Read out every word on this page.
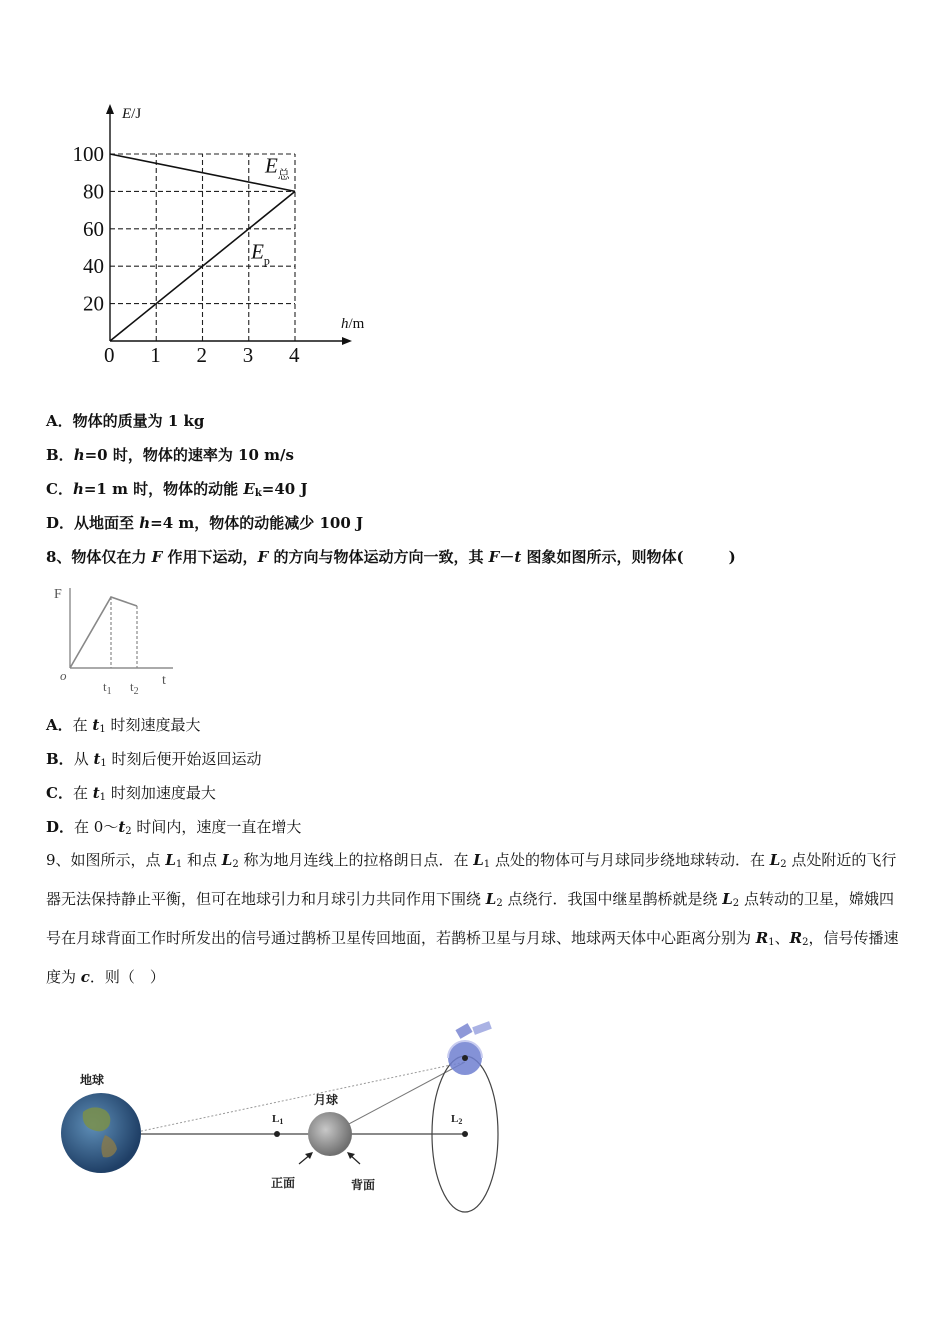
E/J
h/m
0 1 2 3 4
20
40
60
80
100	$E_总$
$E_p$
A．物体的质量为 1 kg
B．h=0 时，物体的速率为 10 m/s
C．h=1 m 时，物体的动能 $E_k=40$ J
D．从地面至 h=4 m，物体的动能减少 100 J
8、物体仅在力 F 作用下运动，F 的方向与物体运动方向一致，其 F－t 图象如图所示，则物体(　　　)
F
t
o
$t_1$ $t_2$
A．在 $t_1$ 时刻速度最大
B．从 $t_1$ 时刻后便开始返回运动
C．在 $t_1$ 时刻加速度最大
D．在 $0\sim t_2$ 时间内，速度一直在增大
9、如图所示，点 $L_1$ 和点 $L_2$ 称为地月连线上的拉格朗日点．在 $L_1$ 点处的物体可与月球同步绕地球转动．在 $L_2$ 点处附近的飞行器无法保持静止平衡，但可在地球引力和月球引力共同作用下围绕 $L_2$ 点绕行．我国中继星鹊桥就是绕 $L_2$ 点转动的卫星，嫦娥四号在月球背面工作时所发出的信号通过鹊桥卫星传回地面，若鹊桥卫星与月球、地球两天体中心距离分别为 $R_1$、$R_2$，信号传播速度为 c．则（　）
地球
L1
月球
正面	背面
L2
